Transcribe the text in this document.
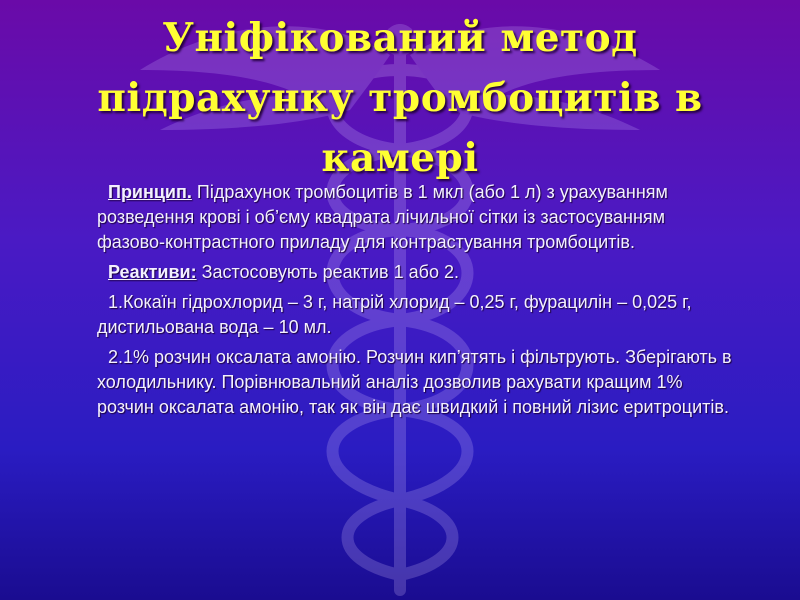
Уніфікований метод підрахунку тромбоцитів в камері

Принцип. Підрахунок тромбоцитів в 1 мкл (або 1 л) з урахуванням розведення крові і об’єму квадрата лічильної сітки із застосуванням фазово-контрастного приладу для контрастування тромбоцитів.

Реактиви: Застосовують реактив 1 або 2.

1.Кокаїн гідрохлорид – 3 г, натрій хлорид – 0,25 г, фурацилін – 0,025 г, дистильована вода – 10 мл.

2.1% розчин оксалата амонію. Розчин кип’ятять і фільтрують. Зберігають в холодильнику. Порівнювальний аналіз дозволив рахувати кращим 1% розчин оксалата амонію, так як він дає швидкий і повний лізис еритроцитів.
